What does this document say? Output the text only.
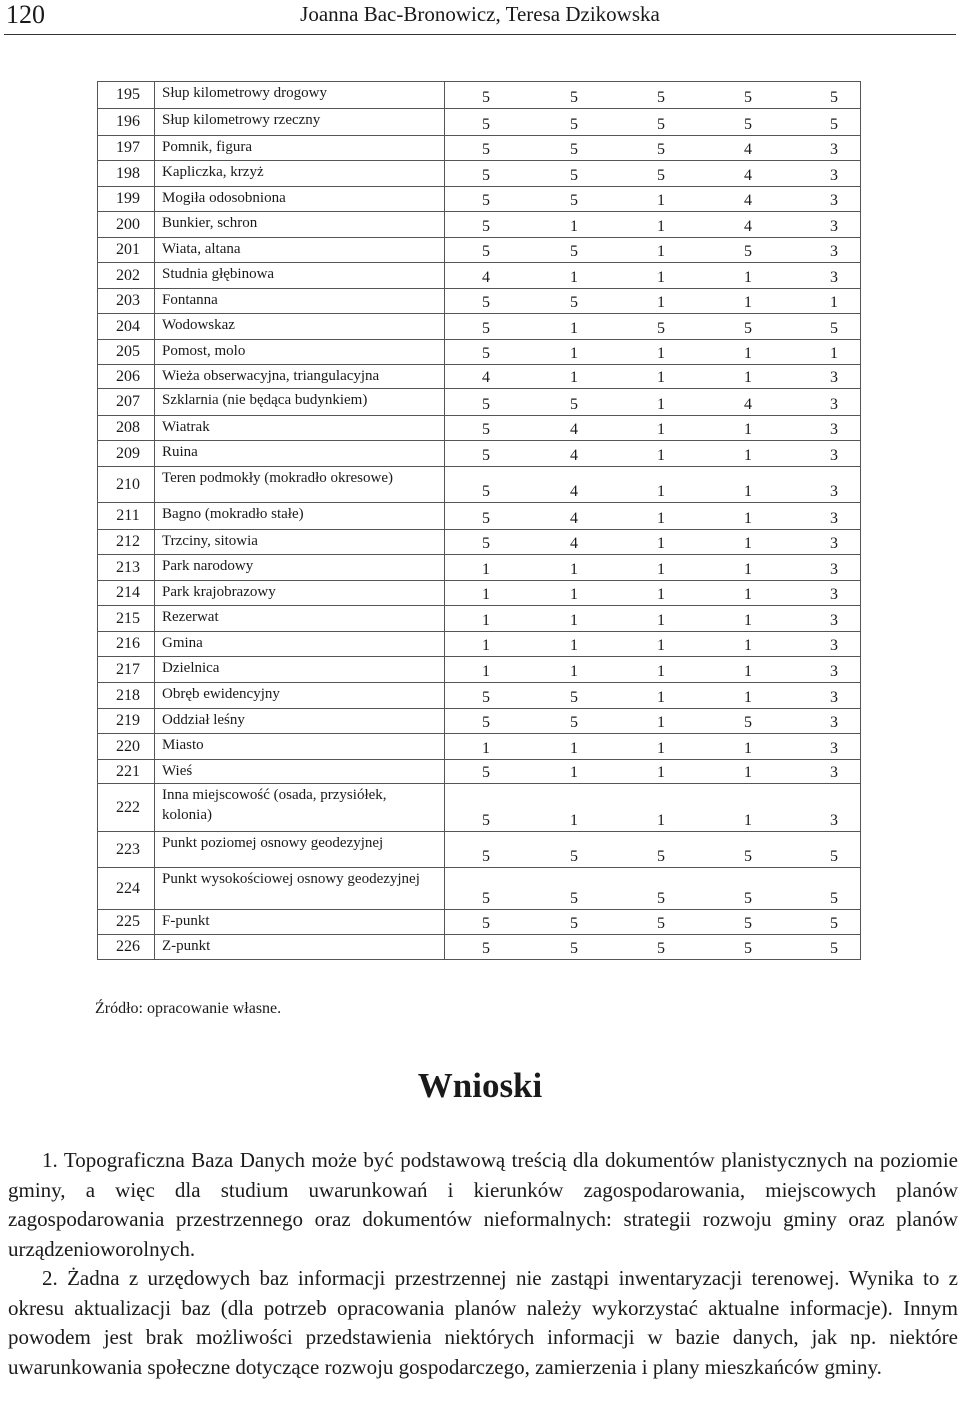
120	Joanna Bac-Bronowicz, Teresa Dzikowska
195	Słup kilometrowy drogowy	5 5 5 5 5

196	Słup kilometrowy rzeczny	5 5 5 5 5

197	Pomnik, figura	5 5 5 4 3

198	Kapliczka, krzyż	5 5 5 4 3

199	Mogiła odosobniona	5 5 1 4 3

200	Bunkier, schron	5 1 1 4 3

201	Wiata, altana	5 5 1 5 3

202	Studnia głębinowa	4 1 1 1 3

203	Fontanna	5 5 1 1 1

204	Wodowskaz	5 1 5 5 5

205	Pomost, molo	5 1 1 1 1

206	Wieża obserwacyjna, triangulacyjna	4 1 1 1 3

207	Szklarnia (nie będąca budynkiem)	5 5 1 4 3

208	Wiatrak	5 4 1 1 3

209	Ruina	5 4 1 1 3

210	Teren podmokły (mokradło okresowe)	5 4 1 1 3

211	Bagno (mokradło stałe)	5 4 1 1 3

212	Trzciny, sitowia	5 4 1 1 3

213	Park narodowy	1 1 1 1 3

214	Park krajobrazowy	1 1 1 1 3

215	Rezerwat	1 1 1 1 3

216	Gmina	1 1 1 1 3

217	Dzielnica	1 1 1 1 3

218	Obręb ewidencyjny	5 5 1 1 3

219	Oddział leśny	5 5 1 5 3

220	Miasto	1 1 1 1 3

221	Wieś	5 1 1 1 3

222	Inna miejscowość (osada, przysiółek, kolonia)	5 1 1 1 3

223	Punkt poziomej osnowy geodezyjnej	5 5 5 5 5

224	Punkt wysokościowej osnowy geodezyjnej	5 5 5 5 5

225	F-punkt	5 5 5 5 5

226	Z-punkt	5 5 5 5 5
Źródło: opracowanie własne.
Wnioski

1. Topograficzna Baza Danych może być podstawową treścią dla dokumentów planistycznych na poziomie gminy, a więc dla studium uwarunkowań i kierunków zagospodarowania, miejscowych planów zagospodarowania przestrzennego oraz dokumentów nieformalnych: strategii rozwoju gminy oraz planów urządzenioworolnych.

2. Żadna z urzędowych baz informacji przestrzennej nie zastąpi inwentaryzacji terenowej. Wynika to z okresu aktualizacji baz (dla potrzeb opracowania planów należy wykorzystać aktualne informacje). Innym powodem jest brak możliwości przedstawienia niektórych informacji w bazie danych, jak np. niektóre uwarunkowania społeczne dotyczące rozwoju gospodarczego, zamierzenia i plany mieszkańców gminy.
